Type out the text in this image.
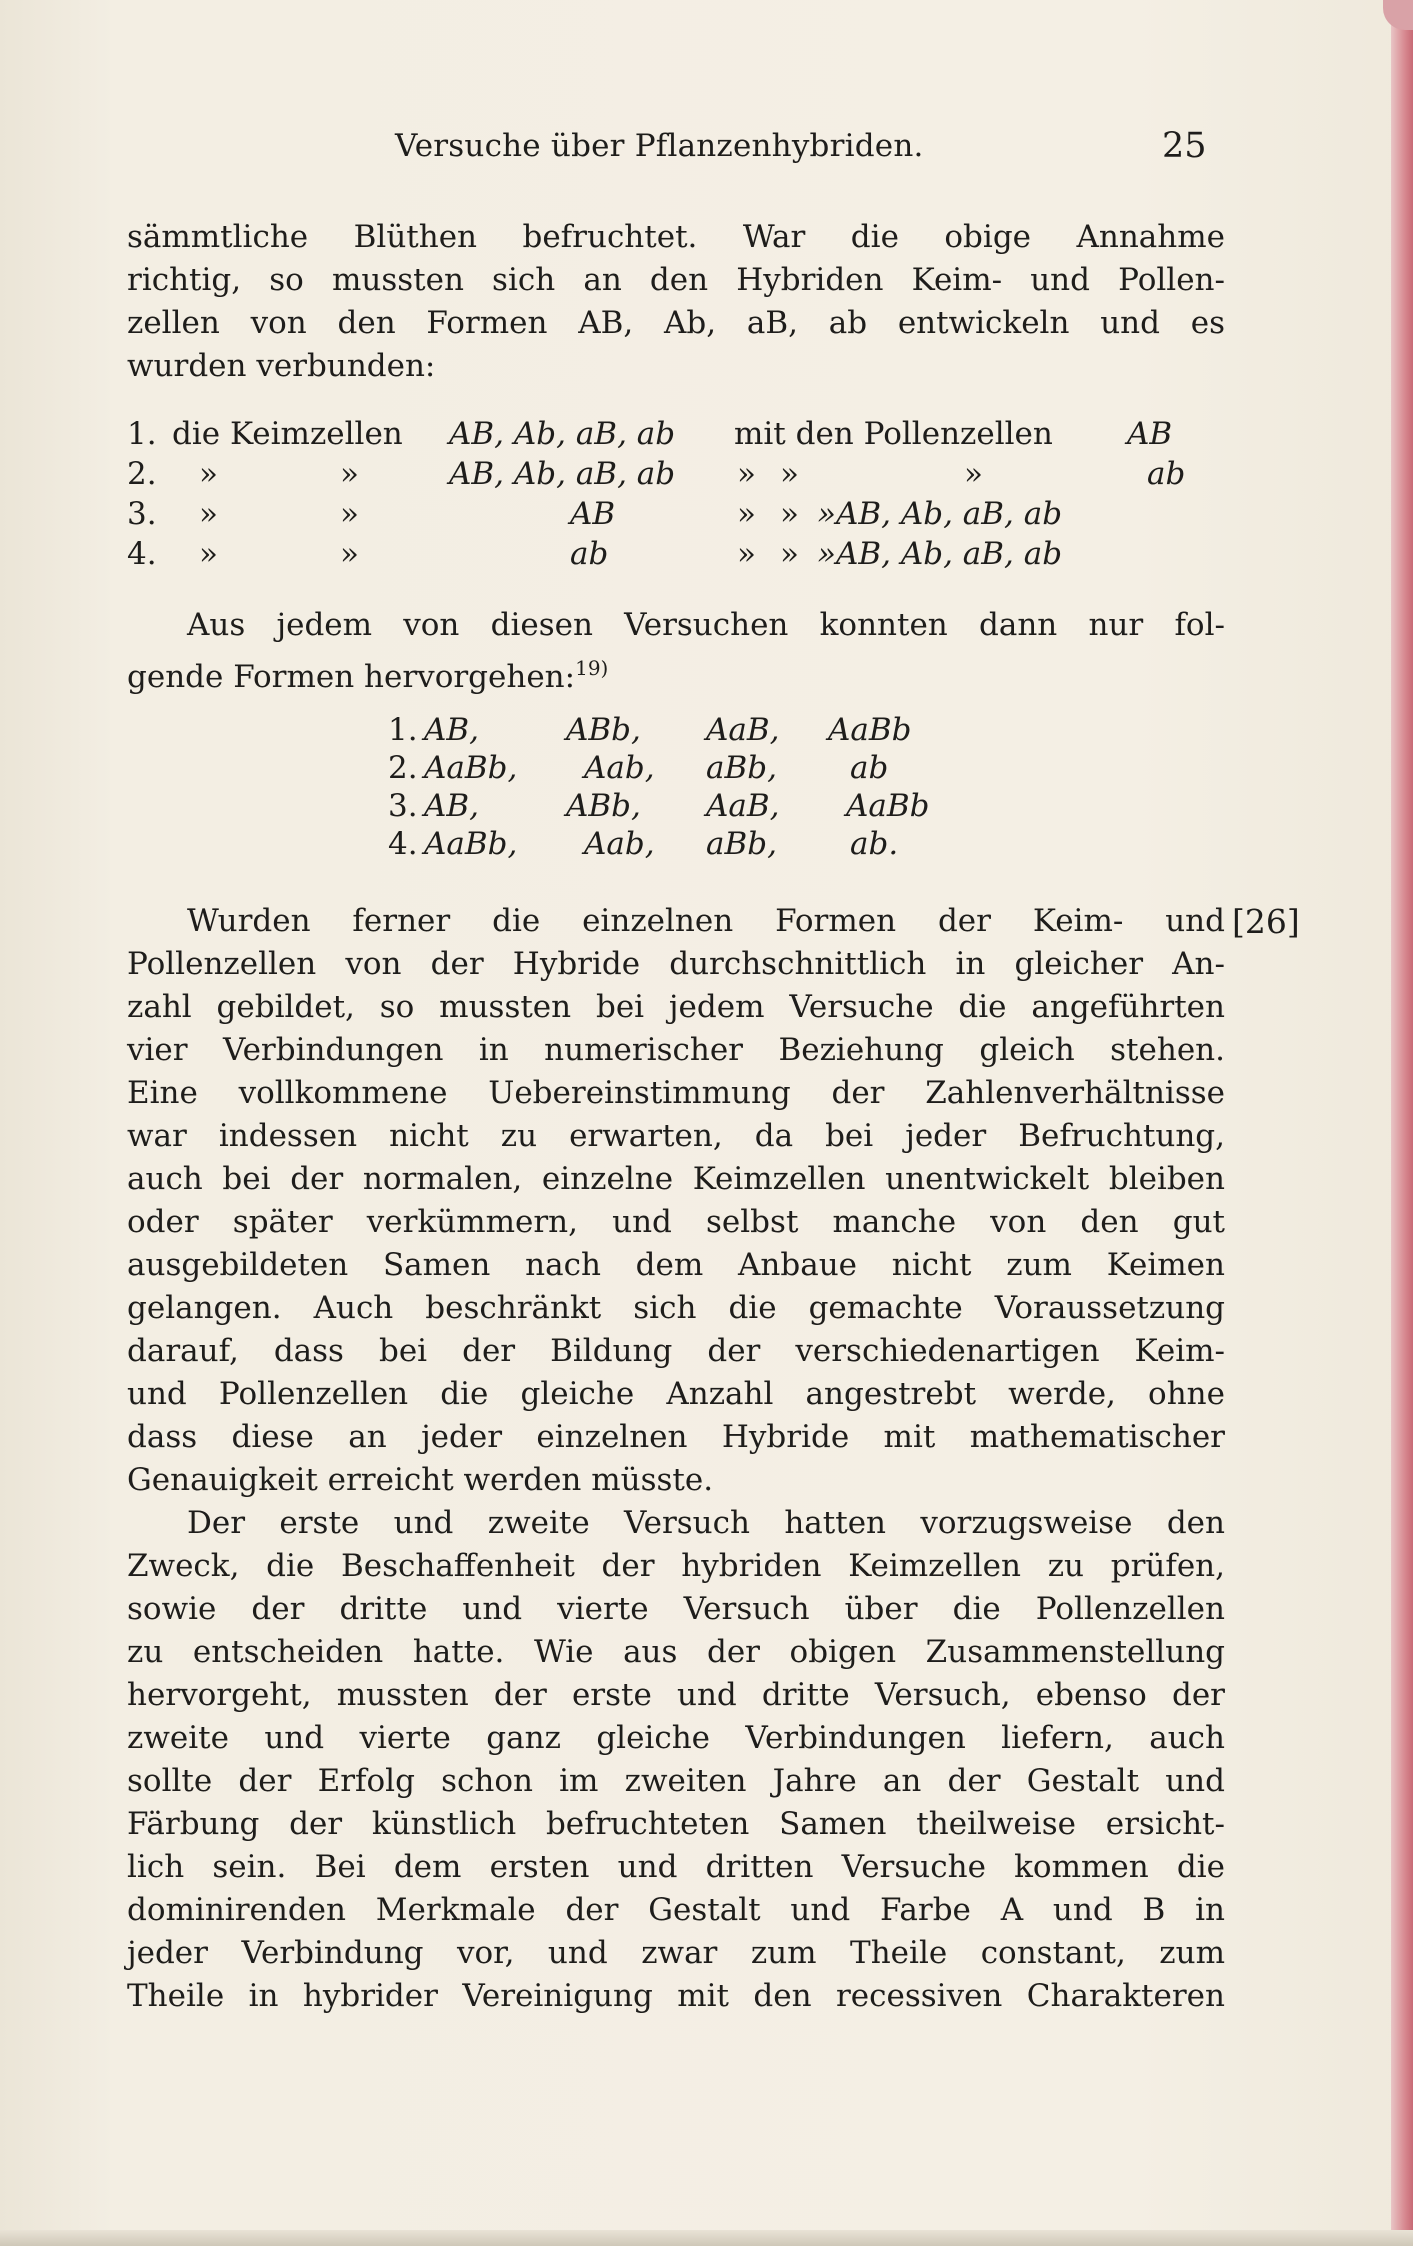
Versuche über Pflanzenhybriden.	25
sämmtliche Blüthen befruchtet. War die obige Annahme
richtig, so mussten sich an den Hybriden Keim- und Pollen-
zellen von den Formen AB, Ab, aB, ab entwickeln und es
wurden verbunden:
1. die Keimzellen AB, Ab, aB, ab mit den Pollenzellen AB
2. »	»	AB, Ab, aB, ab » »	»	ab
3. »	»	AB	» » »AB, Ab, aB, ab
4. »	»	ab	» » »AB, Ab, aB, ab
Aus jedem von diesen Versuchen konnten dann nur fol-
gende Formen hervorgehen:$^{19)}$
1. AB,	ABb, AaB, AaBb
2. AaBb, Aab, aBb, ab
3. AB,	ABb, AaB, AaBb
4. AaBb, Aab, aBb, ab.
[26]
Wurden ferner die einzelnen Formen der Keim- und
Pollenzellen von der Hybride durchschnittlich in gleicher An-
zahl gebildet, so mussten bei jedem Versuche die angeführten
vier Verbindungen in numerischer Beziehung gleich stehen.
Eine vollkommene Uebereinstimmung der Zahlenverhältnisse
war indessen nicht zu erwarten, da bei jeder Befruchtung,
auch bei der normalen, einzelne Keimzellen unentwickelt bleiben
oder später verkümmern, und selbst manche von den gut
ausgebildeten Samen nach dem Anbaue nicht zum Keimen
gelangen. Auch beschränkt sich die gemachte Voraussetzung
darauf, dass bei der Bildung der verschiedenartigen Keim-
und Pollenzellen die gleiche Anzahl angestrebt werde, ohne
dass diese an jeder einzelnen Hybride mit mathematischer
Genauigkeit erreicht werden müsste.
Der erste und zweite Versuch hatten vorzugsweise den
Zweck, die Beschaffenheit der hybriden Keimzellen zu prüfen,
sowie der dritte und vierte Versuch über die Pollenzellen
zu entscheiden hatte. Wie aus der obigen Zusammenstellung
hervorgeht, mussten der erste und dritte Versuch, ebenso der
zweite und vierte ganz gleiche Verbindungen liefern, auch
sollte der Erfolg schon im zweiten Jahre an der Gestalt und
Färbung der künstlich befruchteten Samen theilweise ersicht-
lich sein. Bei dem ersten und dritten Versuche kommen die
dominirenden Merkmale der Gestalt und Farbe A und B in
jeder Verbindung vor, und zwar zum Theile constant, zum
Theile in hybrider Vereinigung mit den recessiven Charakteren
